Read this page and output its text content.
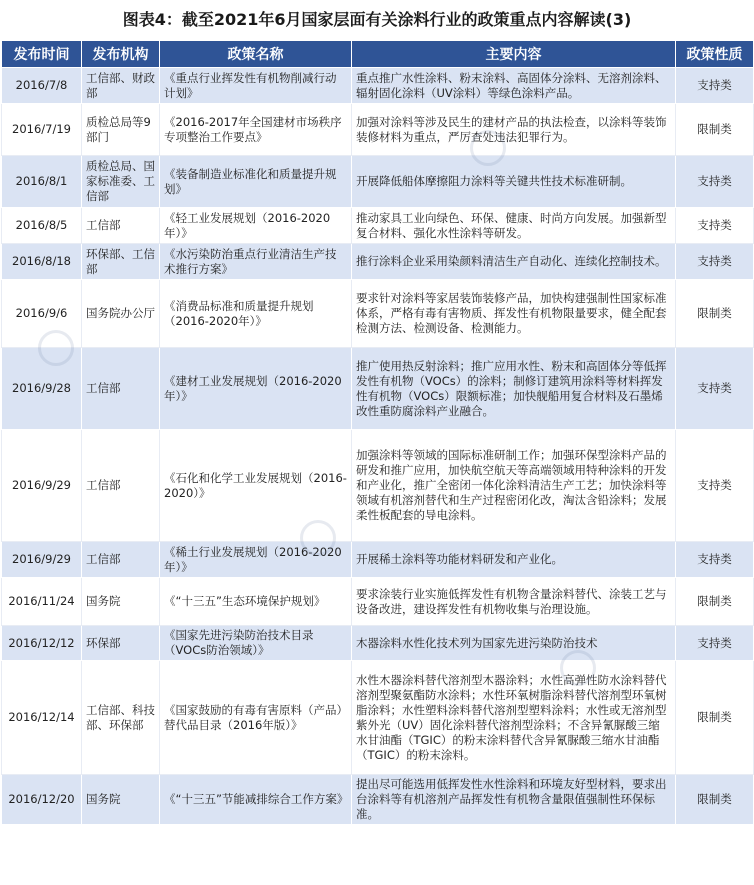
图表4：截至2021年6月国家层面有关涂料行业的政策重点内容解读(3)
发布时间	发布机构	政策名称	主要内容	政策性质
2016/7/8	工信部、财政部	《重点行业挥发性有机物削减行动计划》	重点推广水性涂料、粉末涂料、高固体分涂料、无溶剂涂料、辐射固化涂料（UV涂料）等绿色涂料产品。	支持类
2016/7/19	质检总局等9部门	《2016-2017年全国建材市场秩序专项整治工作要点》	加强对涂料等涉及民生的建材产品的执法检查，以涂料等装饰装修材料为重点，严厉查处违法犯罪行为。	限制类
2016/8/1	质检总局、国家标准委、工信部	《装备制造业标准化和质量提升规划》	开展降低船体摩擦阻力涂料等关键共性技术标准研制。	支持类
2016/8/5	工信部	《轻工业发展规划（2016-2020年）》	推动家具工业向绿色、环保、健康、时尚方向发展。加强新型复合材料、强化水性涂料等研发。	支持类
2016/8/18	环保部、工信部	《水污染防治重点行业清洁生产技术推行方案》	推行涂料企业采用染颜料清洁生产自动化、连续化控制技术。	支持类
2016/9/6	国务院办公厅	《消费品标准和质量提升规划（2016-2020年）》	要求针对涂料等家居装饰装修产品，加快构建强制性国家标准体系，严格有毒有害物质、挥发性有机物限量要求，健全配套检测方法、检测设备、检测能力。	限制类
2016/9/28	工信部	《建材工业发展规划（2016-2020年）》	推广使用热反射涂料；推广应用水性、粉末和高固体分等低挥发性有机物（VOCs）的涂料；制修订建筑用涂料等材料挥发性有机物（VOCs）限额标准；加快舰船用复合材料及石墨烯改性重防腐涂料产业融合。	支持类
2016/9/29	工信部	《石化和化学工业发展规划（2016-2020）》	加强涂料等领域的国际标准研制工作；加强环保型涂料产品的研发和推广应用，加快航空航天等高端领域用特种涂料的开发和产业化，推广全密闭一体化涂料清洁生产工艺；加快涂料等领域有机溶剂替代和生产过程密闭化改，淘汰含铅涂料；发展柔性板配套的导电涂料。	支持类
2016/9/29	工信部	《稀土行业发展规划（2016-2020年）》	开展稀土涂料等功能材料研发和产业化。	支持类
2016/11/24	国务院	《“十三五”生态环境保护规划》	要求涂装行业实施低挥发性有机物含量涂料替代、涂装工艺与设备改进，建设挥发性有机物收集与治理设施。	限制类
2016/12/12	环保部	《国家先进污染防治技术目录（VOCs防治领域）》	木器涂料水性化技术列为国家先进污染防治技术	支持类
2016/12/14	工信部、科技部、环保部	《国家鼓励的有毒有害原料（产品）替代品目录（2016年版）》	水性木器涂料替代溶剂型木器涂料；水性高弹性防水涂料替代溶剂型聚氨酯防水涂料；水性环氧树脂涂料替代溶剂型环氧树脂涂料；水性塑料涂料替代溶剂型塑料涂料；水性或无溶剂型紫外光（UV）固化涂料替代溶剂型涂料；不含异氰脲酸三缩水甘油酯（TGIC）的粉末涂料替代含异氰脲酸三缩水甘油酯（TGIC）的粉末涂料。	限制类
2016/12/20	国务院	《“十三五”节能减排综合工作方案》	提出尽可能选用低挥发性水性涂料和环境友好型材料，要求出台涂料等有机溶剂产品挥发性有机物含量限值强制性环保标准。	限制类
